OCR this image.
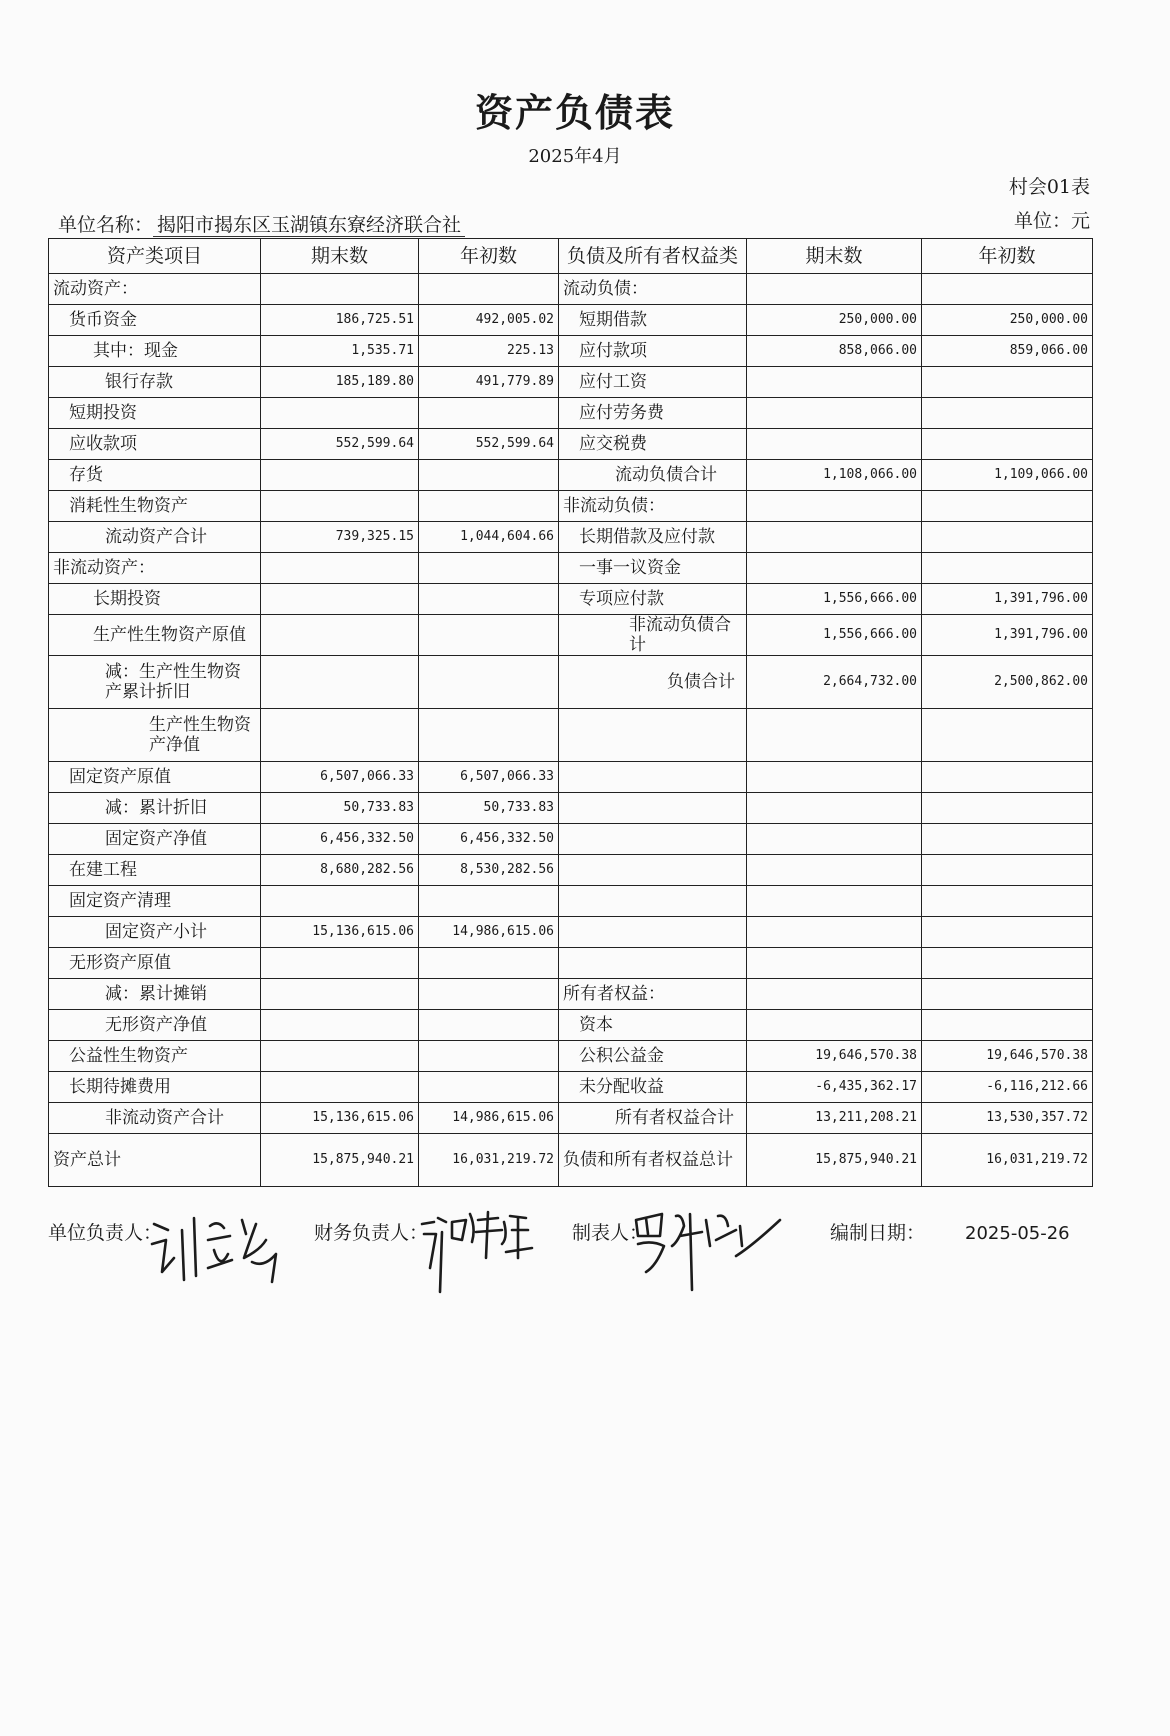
资产负债表
2025年4月
村会01表
单位名称： 揭阳市揭东区玉湖镇东寮经济联合社	单位：元
资产类项目	期末数	年初数	负债及所有者权益类	期末数	年初数
流动资产：			流动负债：		
货币资金	186,725.51	492,005.02	短期借款	250,000.00	250,000.00
其中：现金	1,535.71	225.13	应付款项	858,066.00	859,066.00
银行存款	185,189.80	491,779.89	应付工资		
短期投资			应付劳务费		
应收款项	552,599.64	552,599.64	应交税费		
存货			流动负债合计	1,108,066.00	1,109,066.00
消耗性生物资产			非流动负债：		
流动资产合计	739,325.15	1,044,604.66	长期借款及应付款		
非流动资产：			一事一议资金		
长期投资			专项应付款	1,556,666.00	1,391,796.00
生产性生物资产原值			非流动负债合计	1,556,666.00	1,391,796.00
减：生产性生物资产累计折旧			负债合计	2,664,732.00	2,500,862.00
生产性生物资产净值					
固定资产原值	6,507,066.33	6,507,066.33			
减：累计折旧	50,733.83	50,733.83			
固定资产净值	6,456,332.50	6,456,332.50			
在建工程	8,680,282.56	8,530,282.56			
固定资产清理					
固定资产小计	15,136,615.06	14,986,615.06			
无形资产原值					
减：累计摊销			所有者权益：		
无形资产净值			资本		
公益性生物资产			公积公益金	19,646,570.38	19,646,570.38
长期待摊费用			未分配收益	-6,435,362.17	-6,116,212.66
非流动资产合计	15,136,615.06	14,986,615.06	所有者权益合计	13,211,208.21	13,530,357.72
资产总计	15,875,940.21	16,031,219.72	负债和所有者权益总计	15,875,940.21	16,031,219.72
单位负责人：	财务负责人：	制表人：	编制日期： 2025-05-26
